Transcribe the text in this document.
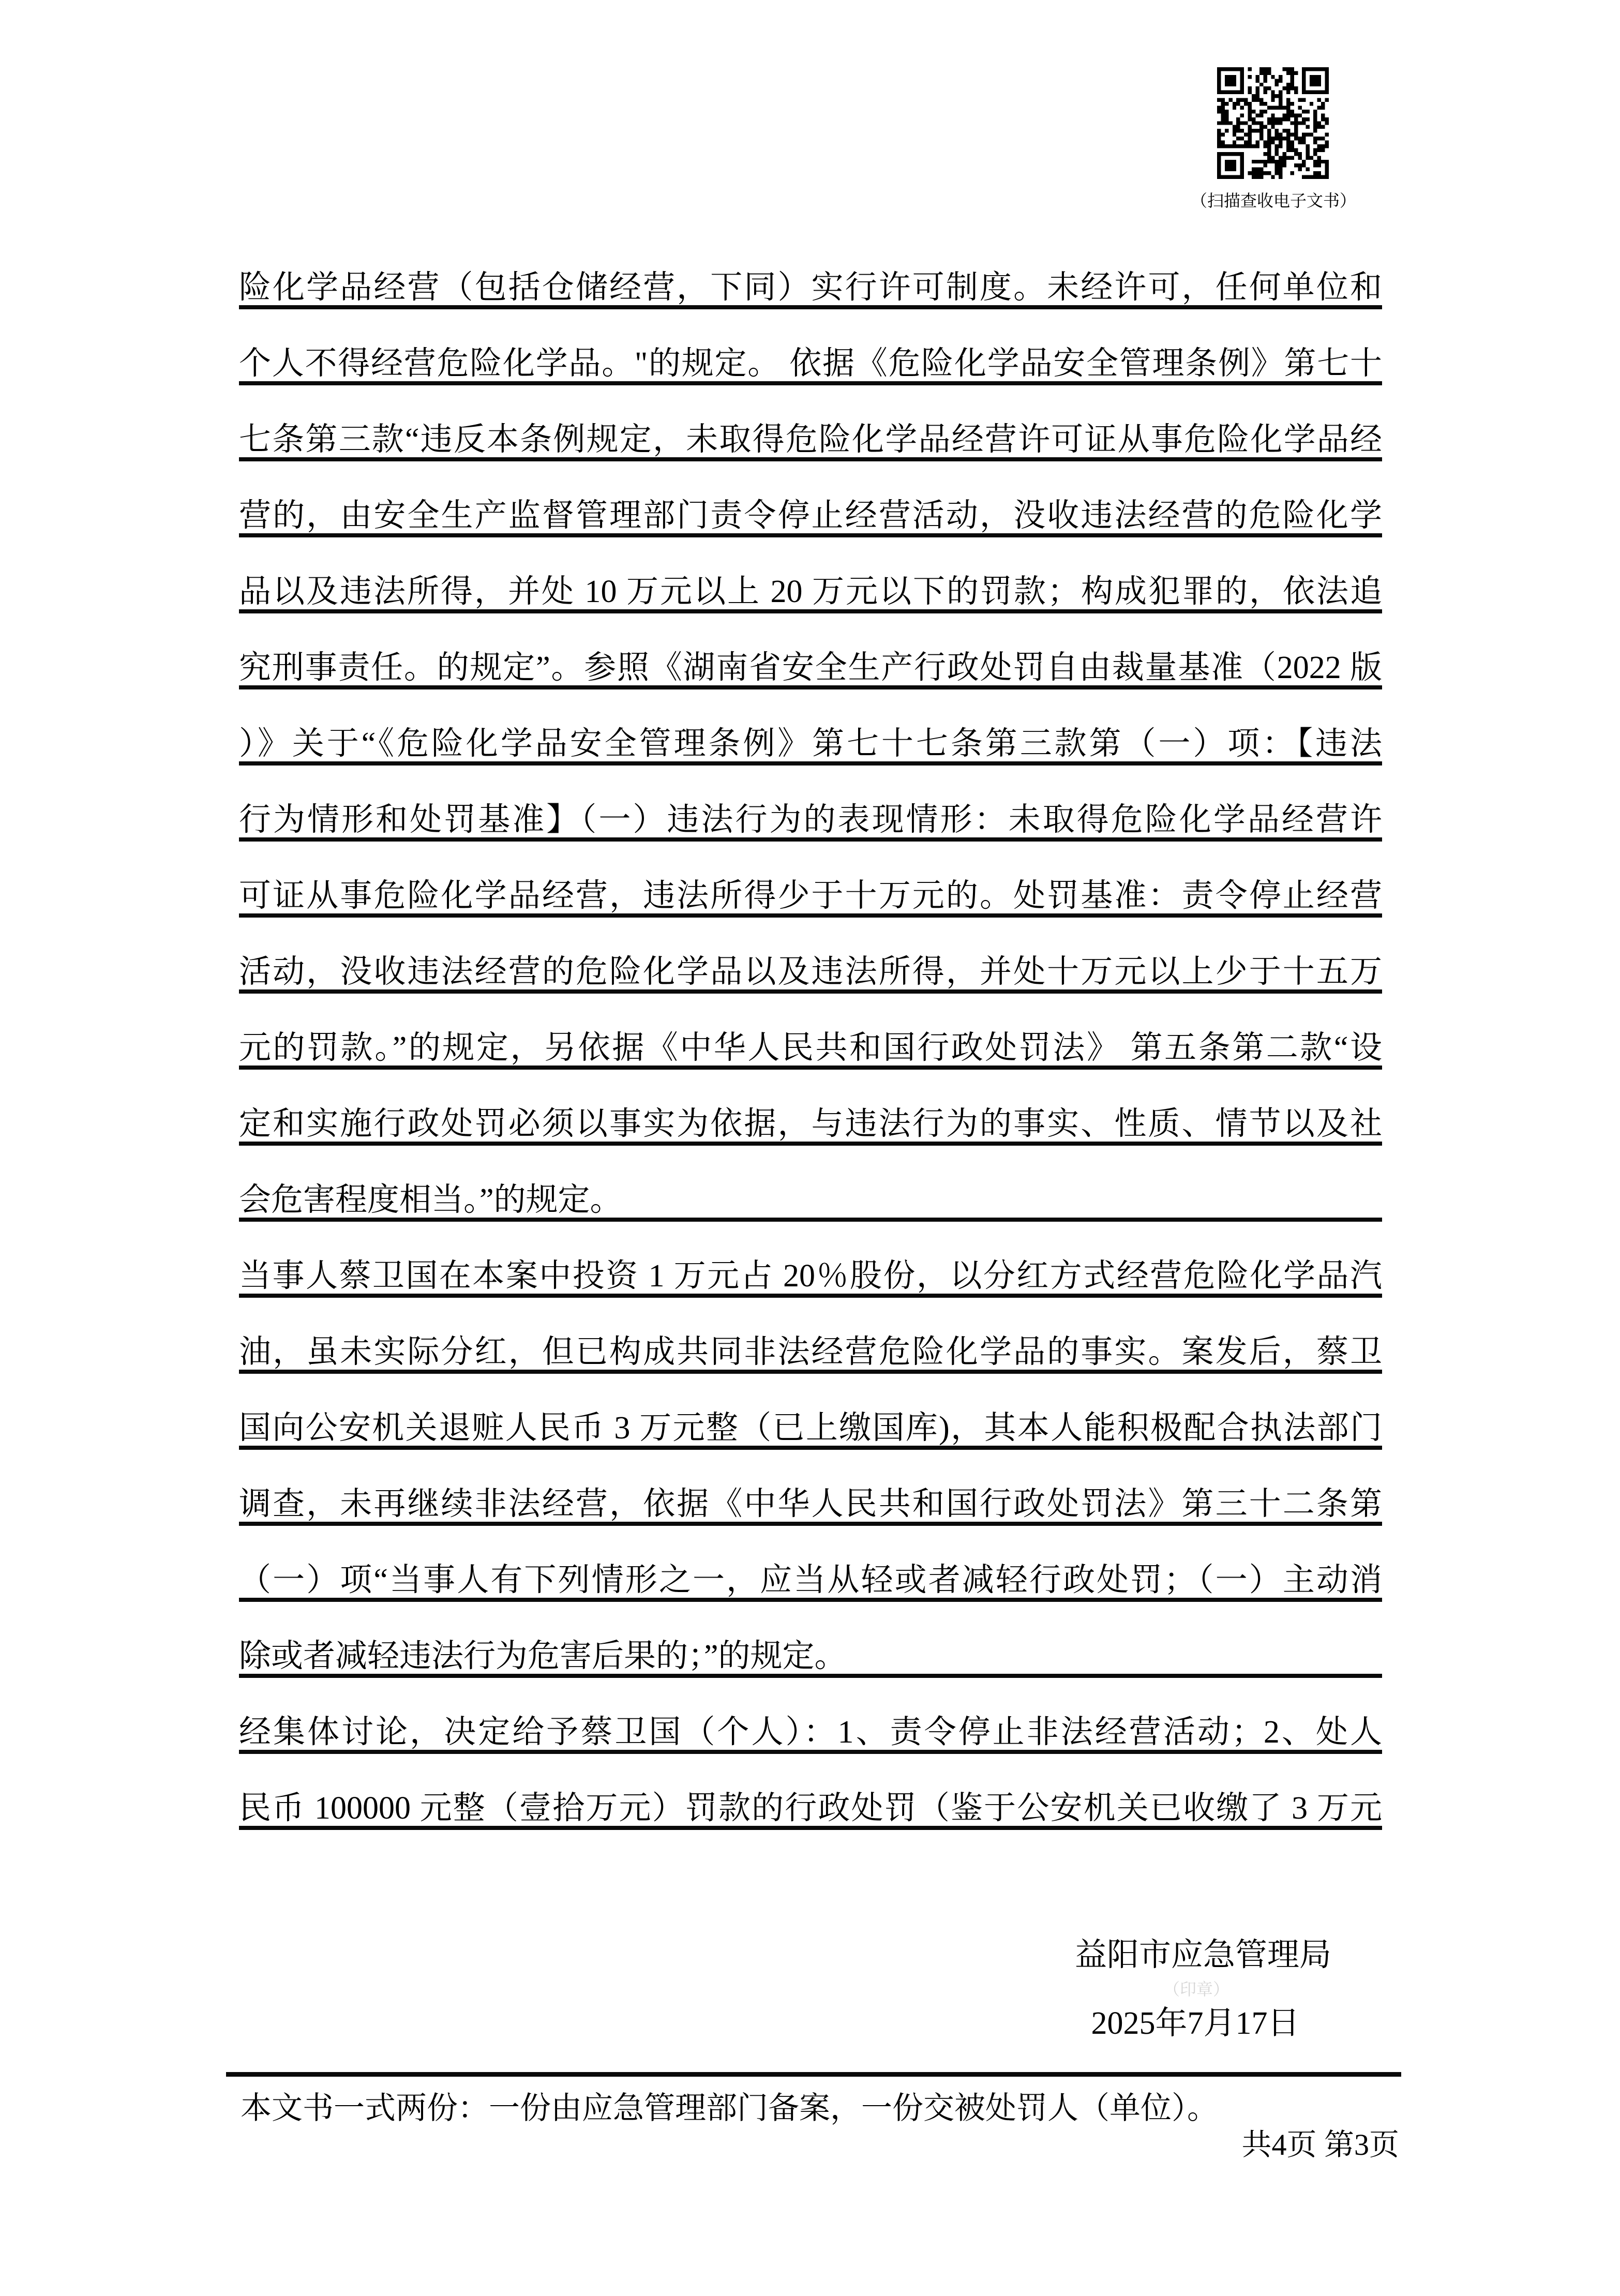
（扫描查收电子文书）
险化学品经营（包括仓储经营，下同）实行许可制度。未经许可，任何单位和
个人不得经营危险化学品。"的规定。 依据《危险化学品安全管理条例》第七十
七条第三款“违反本条例规定，未取得危险化学品经营许可证从事危险化学品经
营的，由安全生产监督管理部门责令停止经营活动，没收违法经营的危险化学
品以及违法所得，并处 10 万元以上 20 万元以下的罚款；构成犯罪的，依法追
究刑事责任。的规定”。参照《湖南省安全生产行政处罚自由裁量基准（2022 版
）》关于“《危险化学品安全管理条例》第七十七条第三款第（一）项：【违法
行为情形和处罚基准】（一）违法行为的表现情形：未取得危险化学品经营许
可证从事危险化学品经营，违法所得少于十万元的。处罚基准：责令停止经营
活动，没收违法经营的危险化学品以及违法所得，并处十万元以上少于十五万
元的罚款。”的规定，另依据《中华人民共和国行政处罚法》 第五条第二款“设
定和实施行政处罚必须以事实为依据，与违法行为的事实、性质、情节以及社
会危害程度相当。”的规定。
当事人蔡卫国在本案中投资 1 万元占 20％股份，以分红方式经营危险化学品汽
油，虽未实际分红，但已构成共同非法经营危险化学品的事实。案发后，蔡卫
国向公安机关退赃人民币 3 万元整（已上缴国库)，其本人能积极配合执法部门
调查，未再继续非法经营，依据《中华人民共和国行政处罚法》第三十二条第
（一）项“当事人有下列情形之一，应当从轻或者减轻行政处罚；（一）主动消
除或者减轻违法行为危害后果的；”的规定。
经集体讨论，决定给予蔡卫国（个人）：1、责令停止非法经营活动；2、处人
民币 100000 元整（壹拾万元）罚款的行政处罚（鉴于公安机关已收缴了 3 万元
益阳市应急管理局
（印章）
2025年7月17日
本文书一式两份：一份由应急管理部门备案，一份交被处罚人（单位）。
共4页 第3页
